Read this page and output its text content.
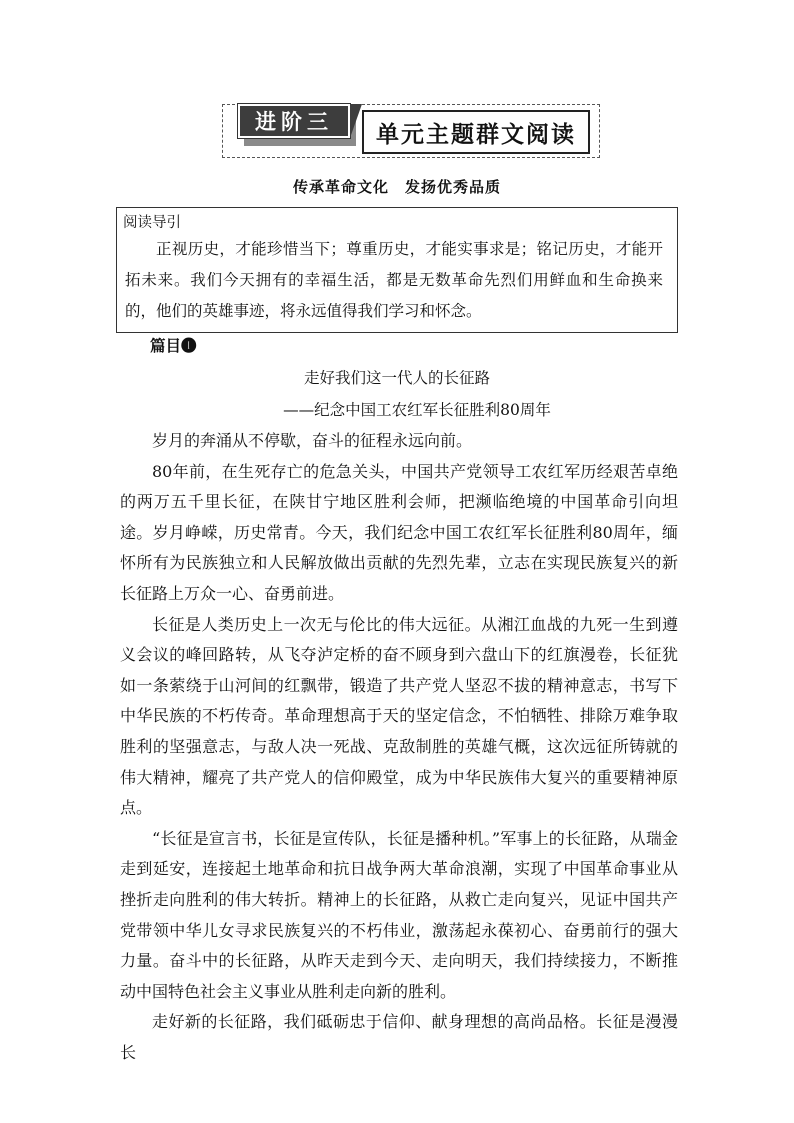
进阶三	单元主题群文阅读
传承革命文化　发扬优秀品质
阅读导引

正视历史，才能珍惜当下；尊重历史，才能实事求是；铭记历史，才能开拓未来。我们今天拥有的幸福生活，都是无数革命先烈们用鲜血和生命换来的，他们的英雄事迹，将永远值得我们学习和怀念。

篇目❶
走好我们这一代人的长征路
——纪念中国工农红军长征胜利80周年

岁月的奔涌从不停歇，奋斗的征程永远向前。

80年前，在生死存亡的危急关头，中国共产党领导工农红军历经艰苦卓绝的两万五千里长征，在陕甘宁地区胜利会师，把濒临绝境的中国革命引向坦途。岁月峥嵘，历史常青。今天，我们纪念中国工农红军长征胜利80周年，缅怀所有为民族独立和人民解放做出贡献的先烈先辈，立志在实现民族复兴的新长征路上万众一心、奋勇前进。

长征是人类历史上一次无与伦比的伟大远征。从湘江血战的九死一生到遵义会议的峰回路转，从飞夺泸定桥的奋不顾身到六盘山下的红旗漫卷，长征犹如一条萦绕于山河间的红飘带，锻造了共产党人坚忍不拔的精神意志，书写下中华民族的不朽传奇。革命理想高于天的坚定信念，不怕牺牲、排除万难争取胜利的坚强意志，与敌人决一死战、克敌制胜的英雄气概，这次远征所铸就的伟大精神，耀亮了共产党人的信仰殿堂，成为中华民族伟大复兴的重要精神原点。

“长征是宣言书，长征是宣传队，长征是播种机。”军事上的长征路，从瑞金走到延安，连接起土地革命和抗日战争两大革命浪潮，实现了中国革命事业从挫折走向胜利的伟大转折。精神上的长征路，从救亡走向复兴，见证中国共产党带领中华儿女寻求民族复兴的不朽伟业，激荡起永葆初心、奋勇前行的强大力量。奋斗中的长征路，从昨天走到今天、走向明天，我们持续接力，不断推动中国特色社会主义事业从胜利走向新的胜利。

走好新的长征路，我们砥砺忠于信仰、献身理想的高尚品格。长征是漫漫长
